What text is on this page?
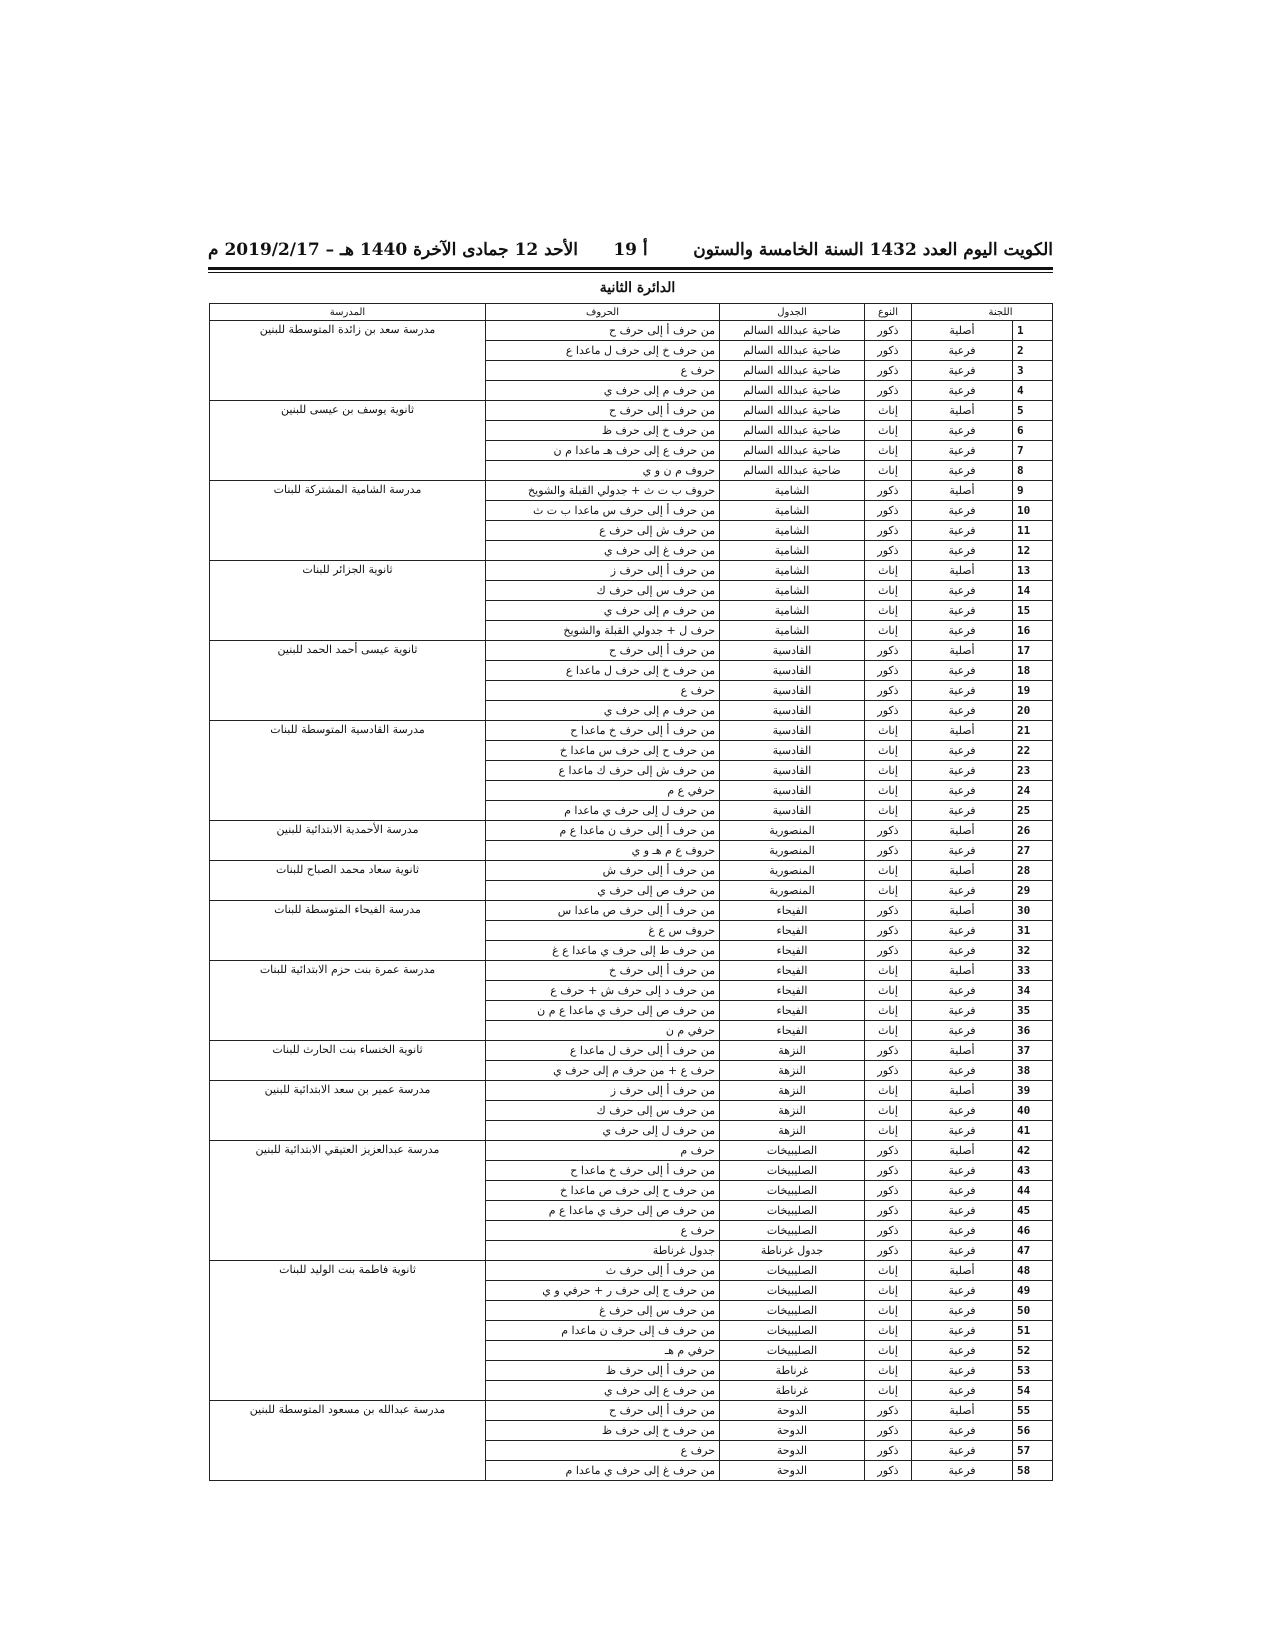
الكويت اليوم العدد 1432 السنة الخامسة والستون
أ 19
الأحد 12 جمادى الآخرة 1440 هـ – 2019/2/17 م
الدائرة الثانية
	اللجنة	النوع	الجدول	الحروف	المدرسة
1	أصلية	ذكور	ضاحية عبدالله السالم	من حرف أ إلى حرف ح	مدرسة سعد بن زائدة المتوسطة للبنين
2	فرعية	ذكور	ضاحية عبدالله السالم	من حرف خ إلى حرف ل ماعدا ع	
3	فرعية	ذكور	ضاحية عبدالله السالم	حرف ع	
4	فرعية	ذكور	ضاحية عبدالله السالم	من حرف م إلى حرف ي	
5	أصلية	إناث	ضاحية عبدالله السالم	من حرف أ إلى حرف ح	ثانوية يوسف بن عيسى للبنين
6	فرعية	إناث	ضاحية عبدالله السالم	من حرف خ إلى حرف ظ	
7	فرعية	إناث	ضاحية عبدالله السالم	من حرف ع إلى حرف هـ ماعدا م ن	
8	فرعية	إناث	ضاحية عبدالله السالم	حروف م ن و ي	
9	أصلية	ذكور	الشامية	حروف ب ت ث + جدولي القبلة والشويخ	مدرسة الشامية المشتركة للبنات
10	فرعية	ذكور	الشامية	من حرف أ إلى حرف س ماعدا ب ت ث	
11	فرعية	ذكور	الشامية	من حرف ش إلى حرف ع	
12	فرعية	ذكور	الشامية	من حرف غ إلى حرف ي	
13	أصلية	إناث	الشامية	من حرف أ إلى حرف ز	ثانوية الجزائر للبنات
14	فرعية	إناث	الشامية	من حرف س إلى حرف ك	
15	فرعية	إناث	الشامية	من حرف م إلى حرف ي	
16	فرعية	إناث	الشامية	حرف ل + جدولي القبلة والشويخ	
17	أصلية	ذكور	القادسية	من حرف أ إلى حرف ح	ثانوية عيسى أحمد الحمد للبنين
18	فرعية	ذكور	القادسية	من حرف خ إلى حرف ل ماعدا ع	
19	فرعية	ذكور	القادسية	حرف ع	
20	فرعية	ذكور	القادسية	من حرف م إلى حرف ي	
21	أصلية	إناث	القادسية	من حرف أ إلى حرف خ ماعدا ح	مدرسة القادسية المتوسطة للبنات
22	فرعية	إناث	القادسية	من حرف ح إلى حرف س ماعدا خ	
23	فرعية	إناث	القادسية	من حرف ش إلى حرف ك ماعدا ع	
24	فرعية	إناث	القادسية	حرفي ع م	
25	فرعية	إناث	القادسية	من حرف ل إلى حرف ي ماعدا م	
26	أصلية	ذكور	المنصورية	من حرف أ إلى حرف ن ماعدا ع م	مدرسة الأحمدية الابتدائية للبنين
27	فرعية	ذكور	المنصورية	حروف ع م هـ و ي	
28	أصلية	إناث	المنصورية	من حرف أ إلى حرف ش	ثانوية سعاد محمد الصباح للبنات
29	فرعية	إناث	المنصورية	من حرف ص إلى حرف ي	
30	أصلية	ذكور	الفيحاء	من حرف أ إلى حرف ص ماعدا س	مدرسة الفيحاء المتوسطة للبنات
31	فرعية	ذكور	الفيحاء	حروف س ع غ	
32	فرعية	ذكور	الفيحاء	من حرف ط إلى حرف ي ماعدا ع غ	
33	أصلية	إناث	الفيحاء	من حرف أ إلى حرف خ	مدرسة عمرة بنت حزم الابتدائية للبنات
34	فرعية	إناث	الفيحاء	من حرف د إلى حرف ش + حرف ع	
35	فرعية	إناث	الفيحاء	من حرف ص إلى حرف ي ماعدا ع م ن	
36	فرعية	إناث	الفيحاء	حرفي م ن	
37	أصلية	ذكور	النزهة	من حرف أ إلى حرف ل ماعدا ع	ثانوية الخنساء بنت الحارث للبنات
38	فرعية	ذكور	النزهة	حرف ع + من حرف م إلى حرف ي	
39	أصلية	إناث	النزهة	من حرف أ إلى حرف ز	مدرسة عمير بن سعد الابتدائية للبنين
40	فرعية	إناث	النزهة	من حرف س إلى حرف ك	
41	فرعية	إناث	النزهة	من حرف ل إلى حرف ي	
42	أصلية	ذكور	الصليبيخات	حرف م	مدرسة عبدالعزيز العتيقي الابتدائية للبنين
43	فرعية	ذكور	الصليبيخات	من حرف أ إلى حرف خ ماعدا ح	
44	فرعية	ذكور	الصليبيخات	من حرف ح إلى حرف ص ماعدا خ	
45	فرعية	ذكور	الصليبيخات	من حرف ص إلى حرف ي ماعدا ع م	
46	فرعية	ذكور	الصليبيخات	حرف ع	
47	فرعية	ذكور	جدول غرناطة	جدول غرناطة	
48	أصلية	إناث	الصليبيخات	من حرف أ إلى حرف ث	ثانوية فاطمة بنت الوليد للبنات
49	فرعية	إناث	الصليبيخات	من حرف ج إلى حرف ر + حرفي و ي	
50	فرعية	إناث	الصليبيخات	من حرف س إلى حرف غ	
51	فرعية	إناث	الصليبيخات	من حرف ف إلى حرف ن ماعدا م	
52	فرعية	إناث	الصليبيخات	حرفي م هـ	
53	فرعية	إناث	غرناطة	من حرف أ إلى حرف ظ	
54	فرعية	إناث	غرناطة	من حرف ع إلى حرف ي	
55	أصلية	ذكور	الدوحة	من حرف أ إلى حرف ح	مدرسة عبدالله بن مسعود المتوسطة للبنين
56	فرعية	ذكور	الدوحة	من حرف خ إلى حرف ظ	
57	فرعية	ذكور	الدوحة	حرف ع	
58	فرعية	ذكور	الدوحة	من حرف غ إلى حرف ي ماعدا م	
